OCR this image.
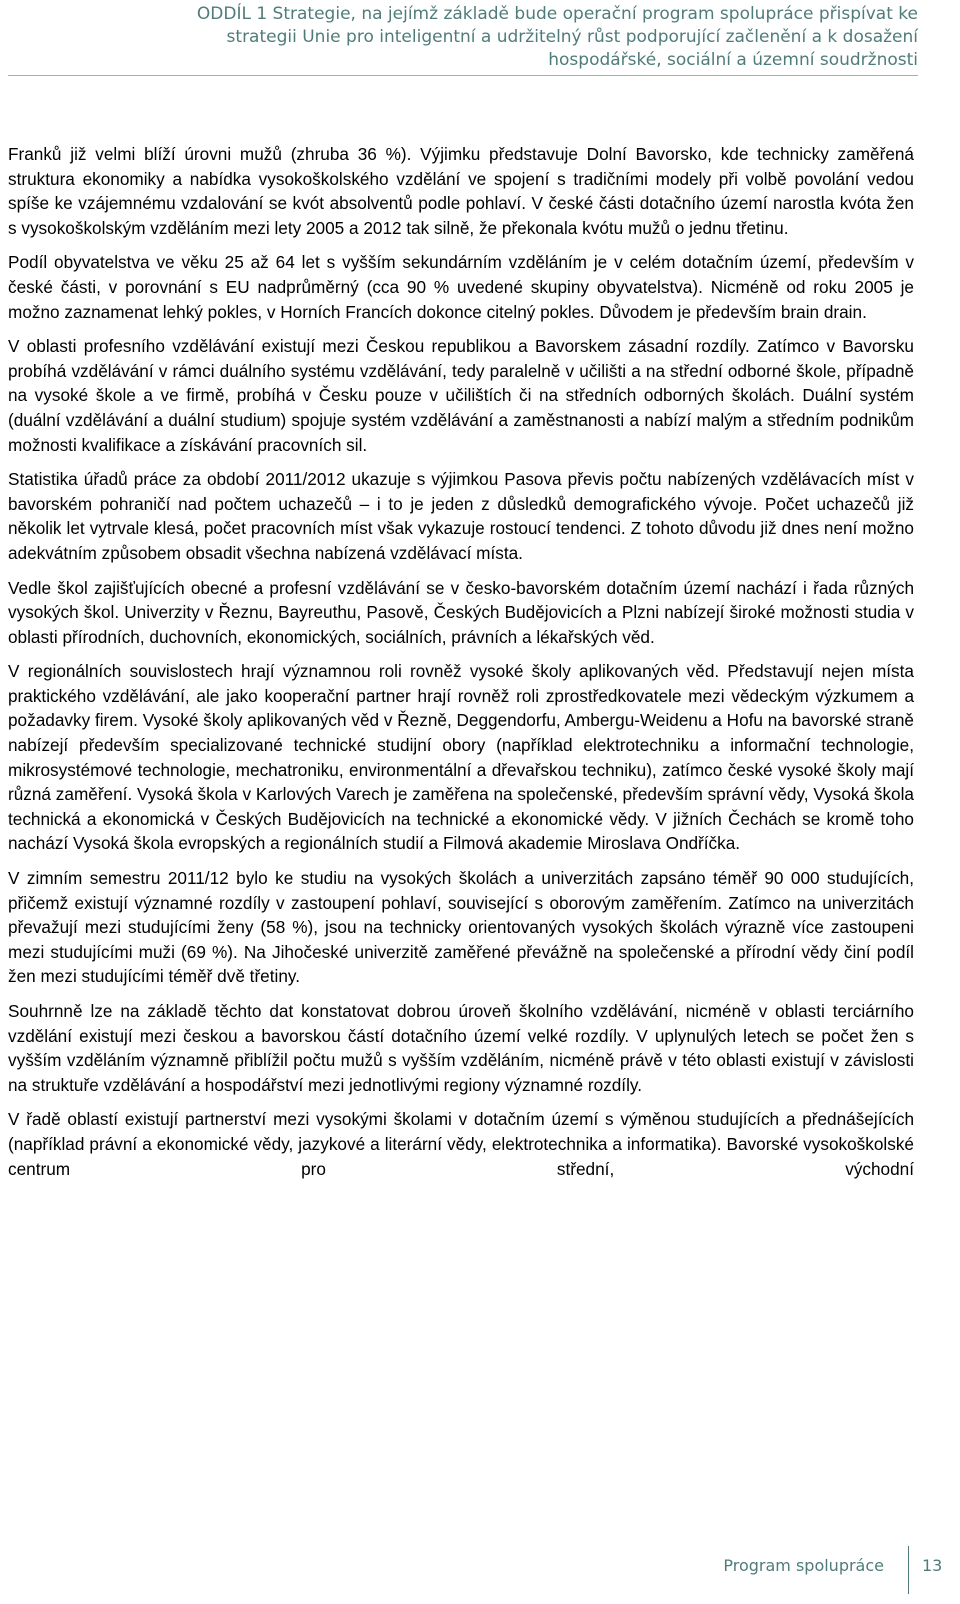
ODDÍL 1 Strategie, na jejímž základě bude operační program spolupráce přispívat ke
strategii Unie pro inteligentní a udržitelný růst podporující začlenění a k dosažení
hospodářské, sociální a územní soudržnosti

Franků již velmi blíží úrovni mužů (zhruba 36 %). Výjimku představuje Dolní Bavorsko, kde technicky zaměřená struktura ekonomiky a nabídka vysokoškolského vzdělání ve spojení s tradičními modely při volbě povolání vedou spíše ke vzájemnému vzdalování se kvót absolventů podle pohlaví. V české části dotačního území narostla kvóta žen s vysokoškolským vzděláním mezi lety 2005 a 2012 tak silně, že překonala kvótu mužů o jednu třetinu.

Podíl obyvatelstva ve věku 25 až 64 let s vyšším sekundárním vzděláním je v celém dotačním území, především v české části, v porovnání s EU nadprůměrný (cca 90 % uvedené skupiny obyvatelstva). Nicméně od roku 2005 je možno zaznamenat lehký pokles, v Horních Francích dokonce citelný pokles. Důvodem je především brain drain.

V oblasti profesního vzdělávání existují mezi Českou republikou a Bavorskem zásadní rozdíly. Zatímco v Bavorsku probíhá vzdělávání v rámci duálního systému vzdělávání, tedy paralelně v učilišti a na střední odborné škole, případně na vysoké škole a ve firmě, probíhá v Česku pouze v učilištích či na středních odborných školách. Duální systém (duální vzdělávání a duální studium) spojuje systém vzdělávání a zaměstnanosti a nabízí malým a středním podnikům možnosti kvalifikace a získávání pracovních sil.

Statistika úřadů práce za období 2011/2012 ukazuje s výjimkou Pasova převis počtu nabízených vzdělávacích míst v bavorském pohraničí nad počtem uchazečů – i to je jeden z důsledků demografického vývoje. Počet uchazečů již několik let vytrvale klesá, počet pracovních míst však vykazuje rostoucí tendenci. Z tohoto důvodu již dnes není možno adekvátním způsobem obsadit všechna nabízená vzdělávací místa.

Vedle škol zajišťujících obecné a profesní vzdělávání se v česko-bavorském dotačním území nachází i řada různých vysokých škol. Univerzity v Řeznu, Bayreuthu, Pasově, Českých Budějovicích a Plzni nabízejí široké možnosti studia v oblasti přírodních, duchovních, ekonomických, sociálních, právních a lékařských věd.

V regionálních souvislostech hrají významnou roli rovněž vysoké školy aplikovaných věd. Představují nejen místa praktického vzdělávání, ale jako kooperační partner hrají rovněž roli zprostředkovatele mezi vědeckým výzkumem a požadavky firem. Vysoké školy aplikovaných věd v Řezně, Deggendorfu, Ambergu-Weidenu a Hofu na bavorské straně nabízejí především specializované technické studijní obory (například elektrotechniku a informační technologie, mikrosystémové technologie, mechatroniku, environmentální a dřevařskou techniku), zatímco české vysoké školy mají různá zaměření. Vysoká škola v Karlových Varech je zaměřena na společenské, především správní vědy, Vysoká škola technická a ekonomická v Českých Budějovicích na technické a ekonomické vědy. V jižních Čechách se kromě toho nachází Vysoká škola evropských a regionálních studií a Filmová akademie Miroslava Ondříčka.

V zimním semestru 2011/12 bylo ke studiu na vysokých školách a univerzitách zapsáno téměř 90 000 studujících, přičemž existují významné rozdíly v zastoupení pohlaví, související s oborovým zaměřením. Zatímco na univerzitách převažují mezi studujícími ženy (58 %), jsou na technicky orientovaných vysokých školách výrazně více zastoupeni mezi studujícími muži (69 %). Na Jihočeské univerzitě zaměřené převážně na společenské a přírodní vědy činí podíl žen mezi studujícími téměř dvě třetiny.

Souhrnně lze na základě těchto dat konstatovat dobrou úroveň školního vzdělávání, nicméně v oblasti terciárního vzdělání existují mezi českou a bavorskou částí dotačního území velké rozdíly. V uplynulých letech se počet žen s vyšším vzděláním významně přiblížil počtu mužů s vyšším vzděláním, nicméně právě v této oblasti existují v závislosti na struktuře vzdělávání a hospodářství mezi jednotlivými regiony významné rozdíly.

V řadě oblastí existují partnerství mezi vysokými školami v dotačním území s výměnou studujících a přednášejících (například právní a ekonomické vědy, jazykové a literární vědy, elektrotechnika a informatika). Bavorské vysokoškolské centrum pro střední, východní

Program spolupráce 13
